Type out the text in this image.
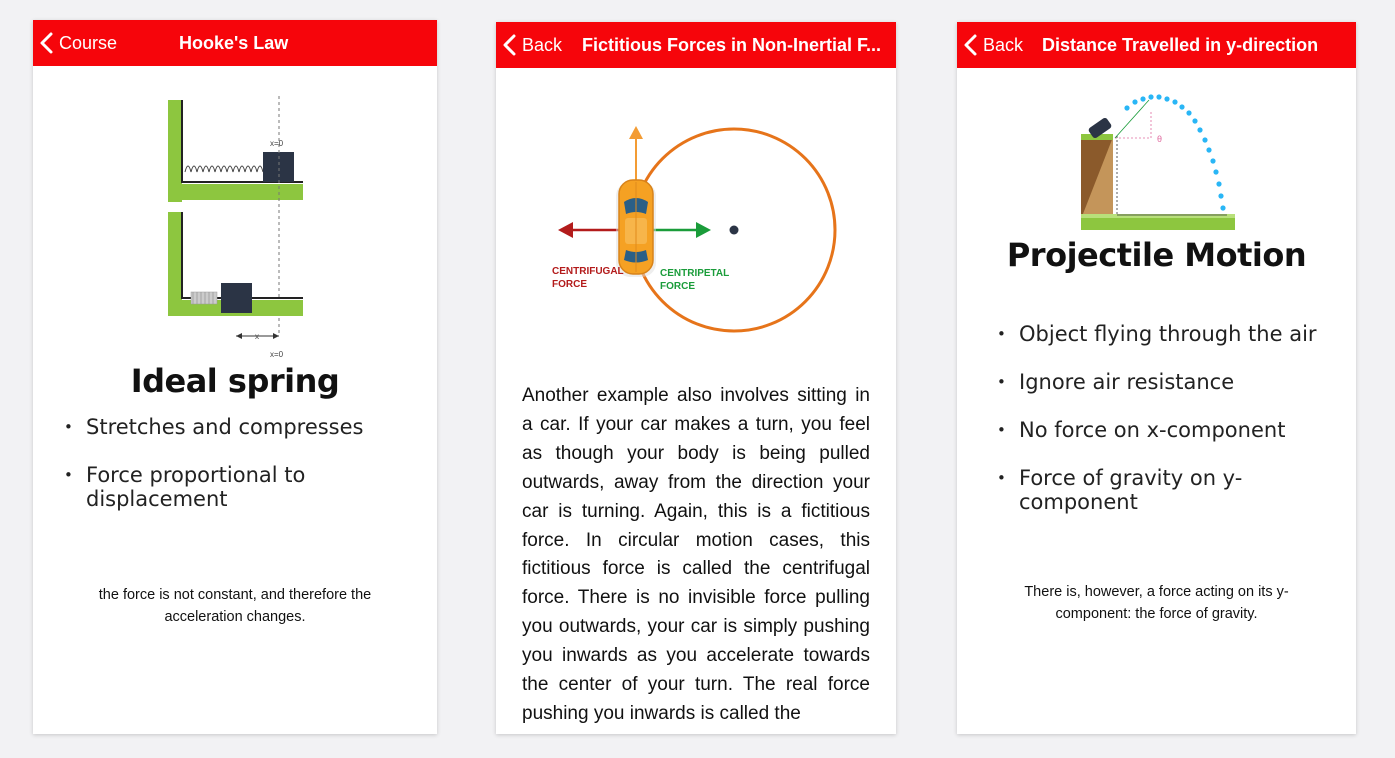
Course	Hooke's Law
x=0
x
x=0
Ideal spring
• Stretches and compresses
• Force proportional to displacement
the force is not constant, and therefore the
acceleration changes.
Back Fictitious Forces in Non-Inertial F...
CENTRIFUGAL
FORCE
CENTRIPETAL
FORCE
Another example also involves sitting in a car. If your car makes a turn, you feel as though your body is being pulled outwards, away from the direction your car is turning. Again, this is a fictitious force. In circular motion cases, this fictitious force is called the centrifugal force. There is no invisible force pulling you outwards, your car is simply pushing you inwards as you accelerate towards the center of your turn. The real force pushing you inwards is called the
Back Distance Travelled in y-direction
θ
Projectile Motion
• Object flying through the air
• Ignore air resistance
• No force on x-component
• Force of gravity on y-component
There is, however, a force acting on its y-
component: the force of gravity.
